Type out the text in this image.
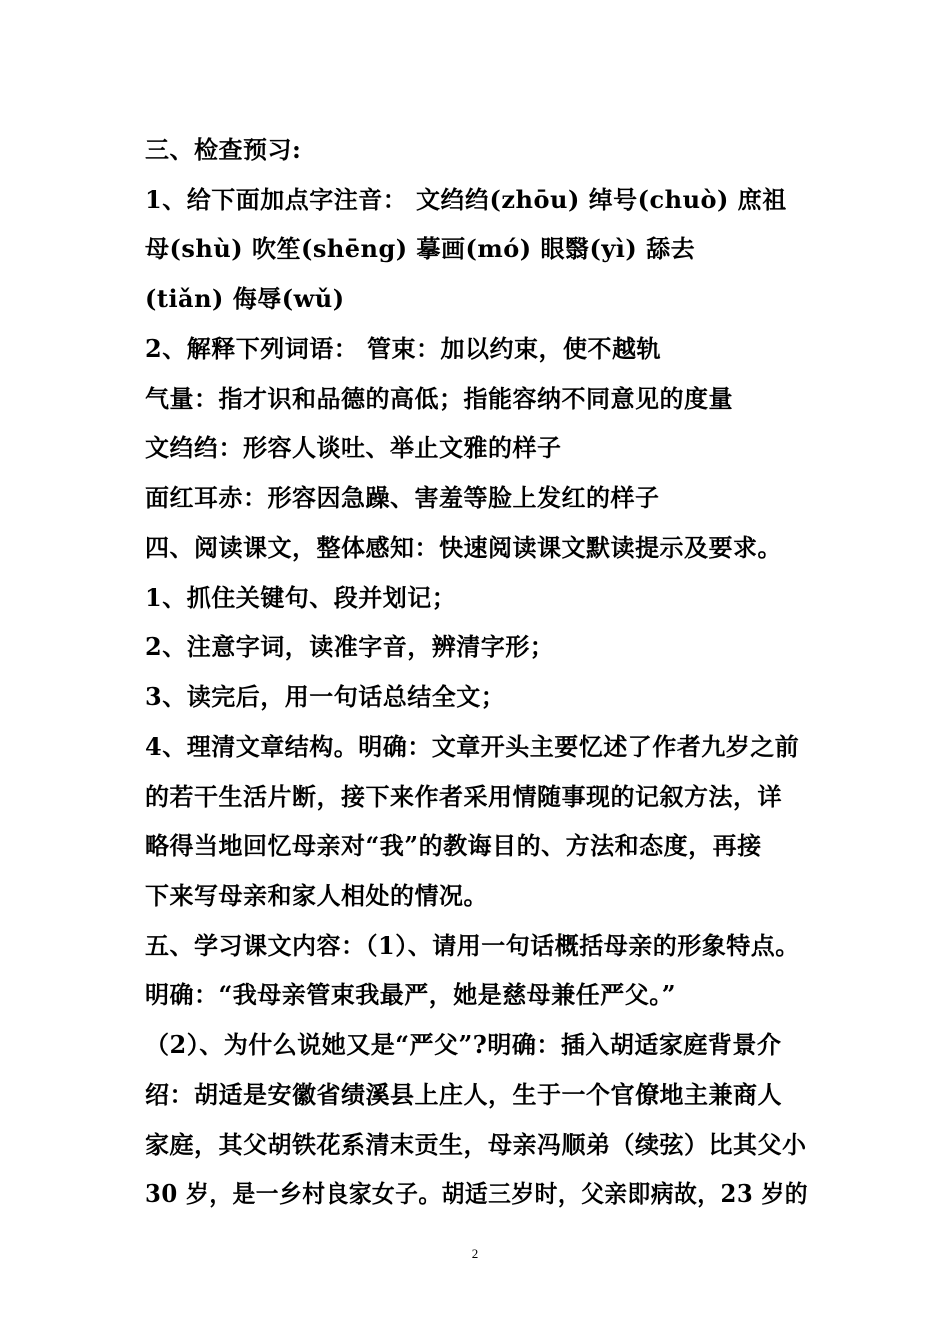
三、检查预习:
1、给下面加点字注音： 文绉绉(zhōu) 绰号(chuò) 庶祖
母(shù) 吹笙(shēng) 摹画(mó) 眼翳(yì) 舔去
(tiǎn) 侮辱(wǔ)
2、解释下列词语： 管束：加以约束，使不越轨
气量：指才识和品德的高低；指能容纳不同意见的度量
文绉绉：形容人谈吐、举止文雅的样子
面红耳赤：形容因急躁、害羞等脸上发红的样子
四、阅读课文，整体感知：快速阅读课文默读提示及要求。
1、抓住关键句、段并划记；
2、注意字词，读准字音，辨清字形；
3、读完后，用一句话总结全文；
4、理清文章结构。明确：文章开头主要忆述了作者九岁之前
的若干生活片断，接下来作者采用情随事现的记叙方法，详
略得当地回忆母亲对“我”的教诲目的、方法和态度，再接
下来写母亲和家人相处的情况。
五、学习课文内容：（1）、请用一句话概括母亲的形象特点。
明确：“我母亲管束我最严，她是慈母兼任严父。”
（2）、为什么说她又是“严父”?明确：插入胡适家庭背景介
绍：胡适是安徽省绩溪县上庄人，生于一个官僚地主兼商人
家庭，其父胡铁花系清末贡生，母亲冯顺弟（续弦）比其父小
30 岁，是一乡村良家女子。胡适三岁时，父亲即病故，23 岁的
2
